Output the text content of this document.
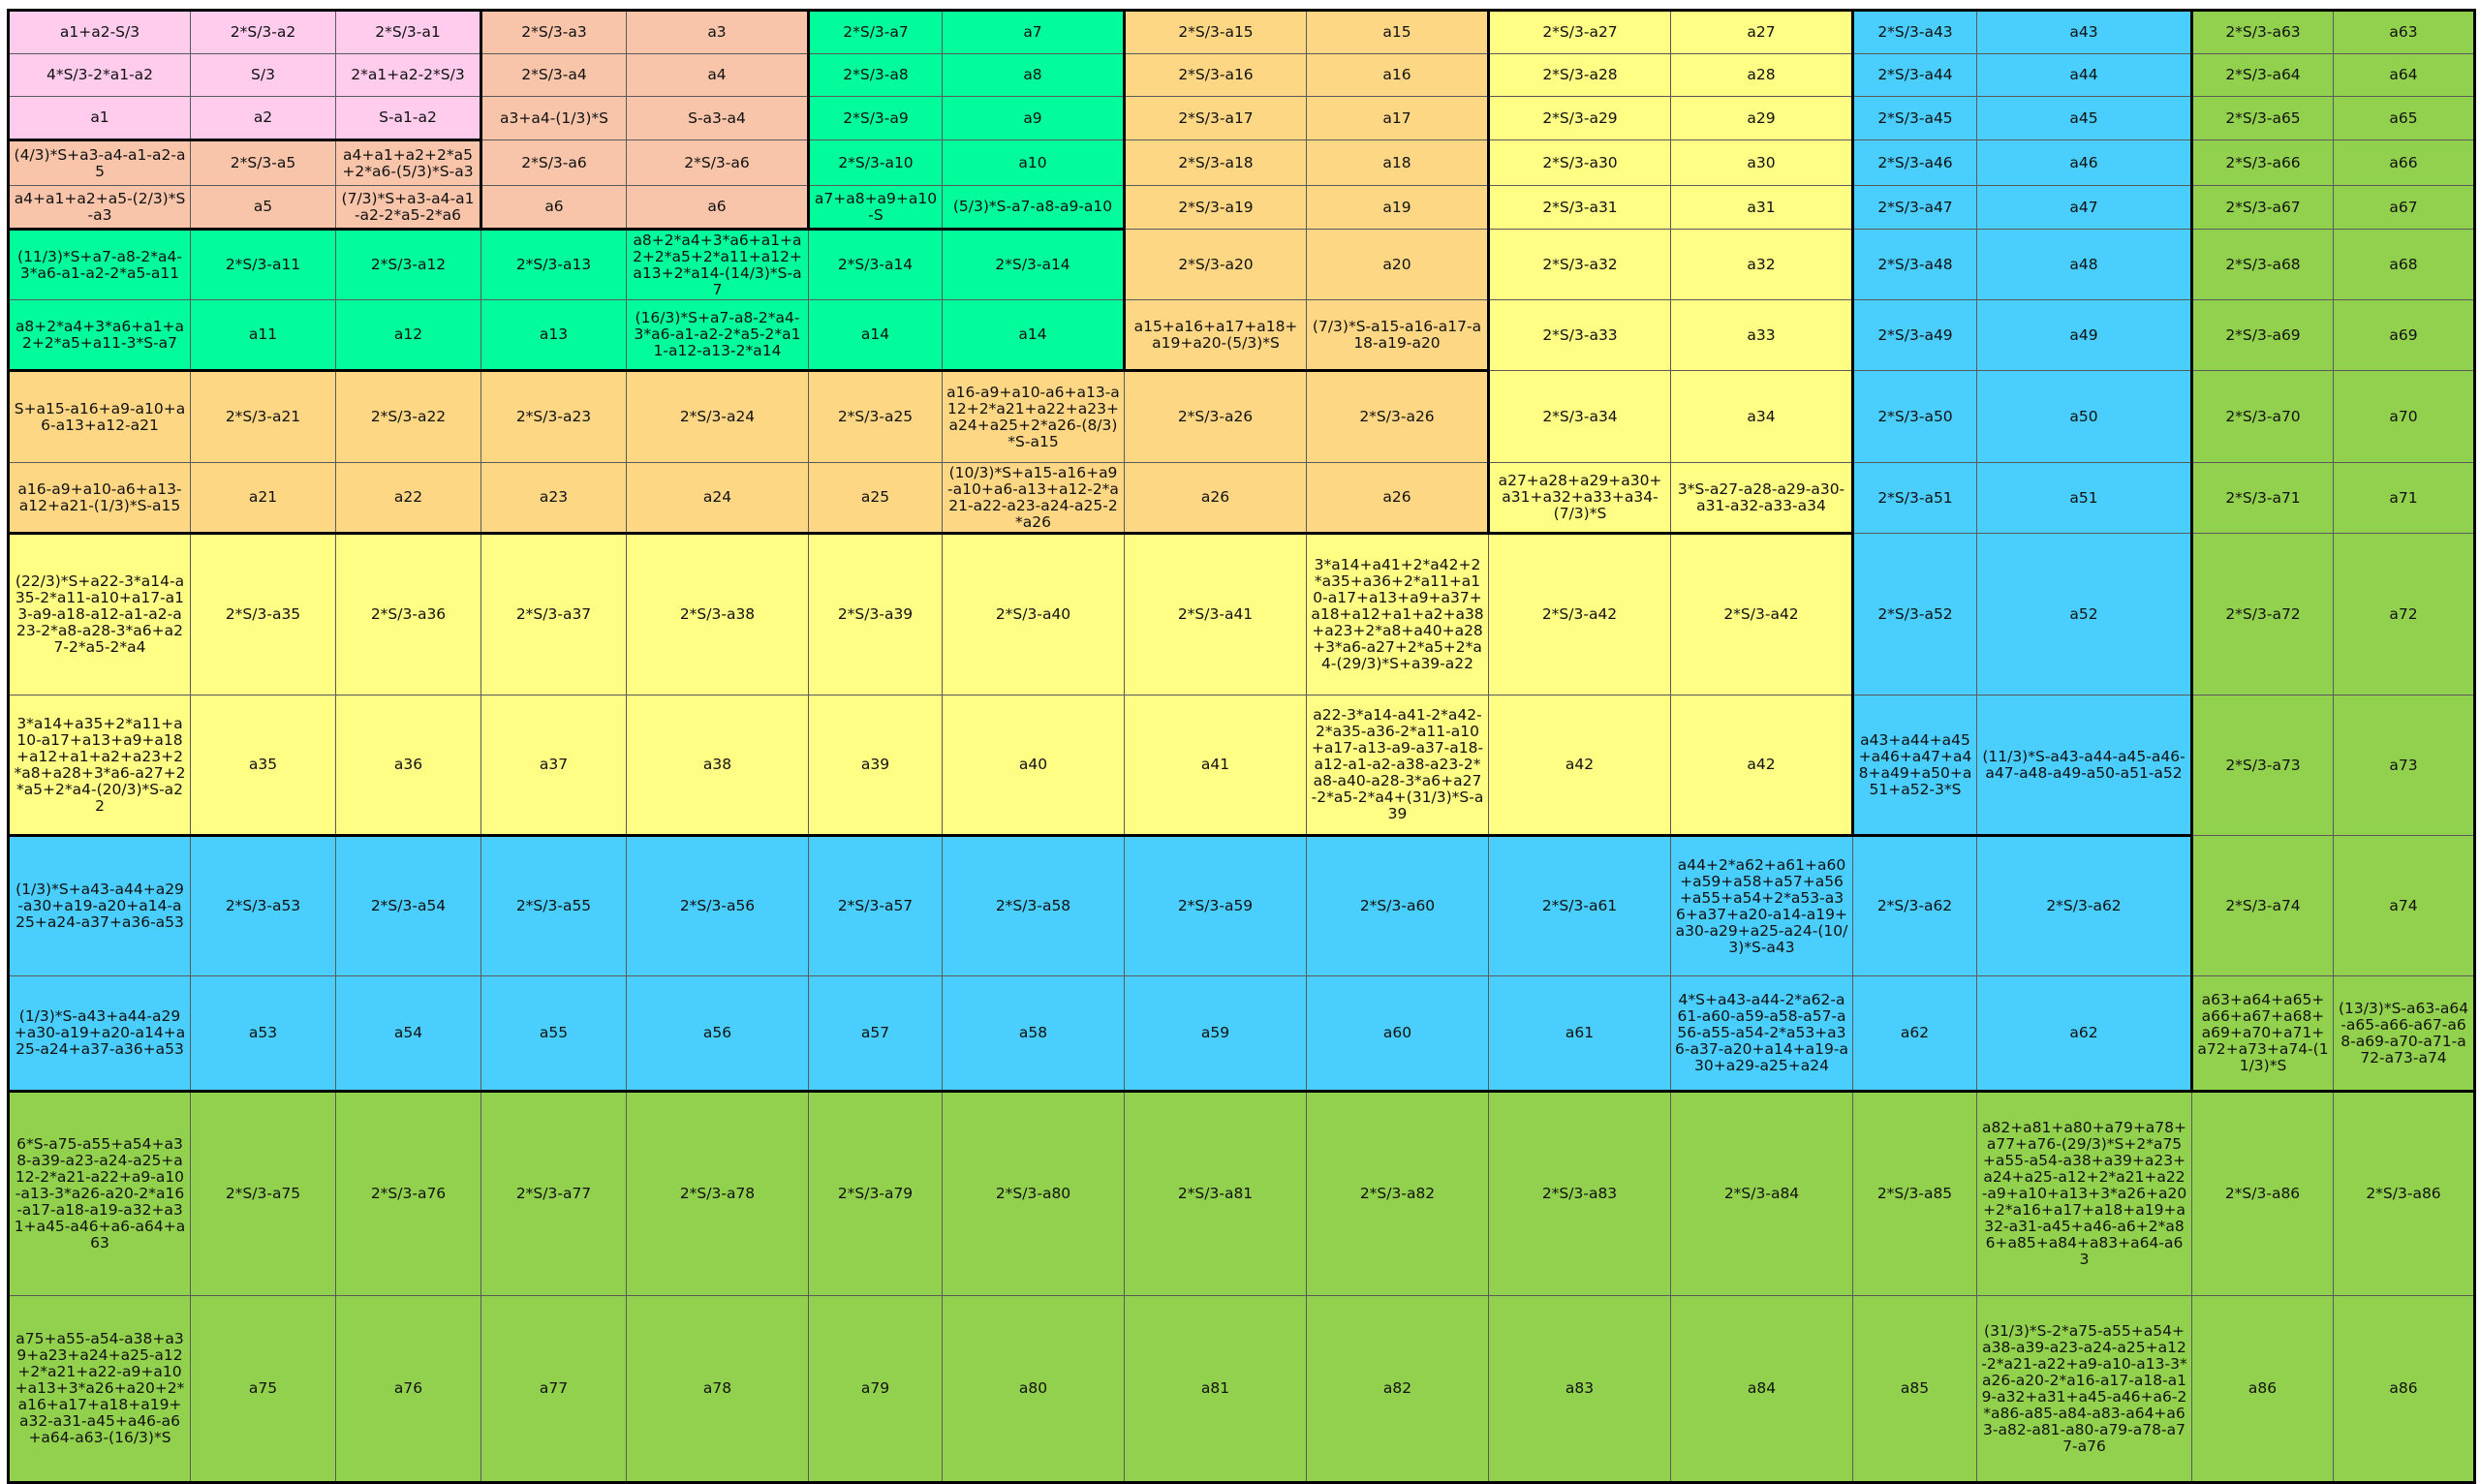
a1+a2-S/3	2*S/3-a2	2*S/3-a1	2*S/3-a3	a3	2*S/3-a7	a7	2*S/3-a15	a15	2*S/3-a27	a27	2*S/3-a43	a43	2*S/3-a63	a63
4*S/3-2*a1-a2	S/3	2*a1+a2-2*S/3	2*S/3-a4	a4	2*S/3-a8	a8	2*S/3-a16	a16	2*S/3-a28	a28	2*S/3-a44	a44	2*S/3-a64	a64
a1	a2	S-a1-a2	a3+a4-(1/3)*S	S-a3-a4	2*S/3-a9	a9	2*S/3-a17	a17	2*S/3-a29	a29	2*S/3-a45	a45	2*S/3-a65	a65
(4/3)*S+a3-a4-a1-a2-a5	2*S/3-a5	a4+a1+a2+2*a5+2*a6-(5/3)*S-a3	2*S/3-a6	2*S/3-a6	2*S/3-a10	a10	2*S/3-a18	a18	2*S/3-a30	a30	2*S/3-a46	a46	2*S/3-a66	a66
a4+a1+a2+a5-(2/3)*S-a3	a5	(7/3)*S+a3-a4-a1-a2-2*a5-2*a6	a6	a6	a7+a8+a9+a10-S	(5/3)*S-a7-a8-a9-a10	2*S/3-a19	a19	2*S/3-a31	a31	2*S/3-a47	a47	2*S/3-a67	a67
(11/3)*S+a7-a8-2*a4-3*a6-a1-a2-2*a5-a11	2*S/3-a11	2*S/3-a12	2*S/3-a13	a8+2*a4+3*a6+a1+a2+2*a5+2*a11+a12+a13+2*a14-(14/3)*S-a7	2*S/3-a14	2*S/3-a14	2*S/3-a20	a20	2*S/3-a32	a32	2*S/3-a48	a48	2*S/3-a68	a68
a8+2*a4+3*a6+a1+a2+2*a5+a11-3*S-a7	a11	a12	a13	(16/3)*S+a7-a8-2*a4-3*a6-a1-a2-2*a5-2*a11-a12-a13-2*a14	a14	a14	a15+a16+a17+a18+a19+a20-(5/3)*S	(7/3)*S-a15-a16-a17-a18-a19-a20	2*S/3-a33	a33	2*S/3-a49	a49	2*S/3-a69	a69
S+a15-a16+a9-a10+a6-a13+a12-a21	2*S/3-a21	2*S/3-a22	2*S/3-a23	2*S/3-a24	2*S/3-a25	a16-a9+a10-a6+a13-a12+2*a21+a22+a23+a24+a25+2*a26-(8/3)*S-a15	2*S/3-a26	2*S/3-a26	2*S/3-a34	a34	2*S/3-a50	a50	2*S/3-a70	a70
a16-a9+a10-a6+a13-a12+a21-(1/3)*S-a15	a21	a22	a23	a24	a25	(10/3)*S+a15-a16+a9-a10+a6-a13+a12-2*a21-a22-a23-a24-a25-2*a26	a26	a26	a27+a28+a29+a30+a31+a32+a33+a34-(7/3)*S	3*S-a27-a28-a29-a30-a31-a32-a33-a34	2*S/3-a51	a51	2*S/3-a71	a71
(22/3)*S+a22-3*a14-a35-2*a11-a10+a17-a13-a9-a18-a12-a1-a2-a23-2*a8-a28-3*a6+a27-2*a5-2*a4	2*S/3-a35	2*S/3-a36	2*S/3-a37	2*S/3-a38	2*S/3-a39	2*S/3-a40	2*S/3-a41	3*a14+a41+2*a42+2*a35+a36+2*a11+a10-a17+a13+a9+a37+a18+a12+a1+a2+a38+a23+2*a8+a40+a28+3*a6-a27+2*a5+2*a4-(29/3)*S+a39-a22	2*S/3-a42	2*S/3-a42	2*S/3-a52	a52	2*S/3-a72	a72
3*a14+a35+2*a11+a10-a17+a13+a9+a18+a12+a1+a2+a23+2*a8+a28+3*a6-a27+2*a5+2*a4-(20/3)*S-a22	a35	a36	a37	a38	a39	a40	a41	a22-3*a14-a41-2*a42-2*a35-a36-2*a11-a10+a17-a13-a9-a37-a18-a12-a1-a2-a38-a23-2*a8-a40-a28-3*a6+a27-2*a5-2*a4+(31/3)*S-a39	a42	a42	a43+a44+a45+a46+a47+a48+a49+a50+a51+a52-3*S	(11/3)*S-a43-a44-a45-a46-a47-a48-a49-a50-a51-a52	2*S/3-a73	a73
(1/3)*S+a43-a44+a29-a30+a19-a20+a14-a25+a24-a37+a36-a53	2*S/3-a53	2*S/3-a54	2*S/3-a55	2*S/3-a56	2*S/3-a57	2*S/3-a58	2*S/3-a59	2*S/3-a60	2*S/3-a61	a44+2*a62+a61+a60+a59+a58+a57+a56+a55+a54+2*a53-a36+a37+a20-a14-a19+a30-a29+a25-a24-(10/3)*S-a43	2*S/3-a62	2*S/3-a62	2*S/3-a74	a74
(1/3)*S-a43+a44-a29+a30-a19+a20-a14+a25-a24+a37-a36+a53	a53	a54	a55	a56	a57	a58	a59	a60	a61	4*S+a43-a44-2*a62-a61-a60-a59-a58-a57-a56-a55-a54-2*a53+a36-a37-a20+a14+a19-a30+a29-a25+a24	a62	a62	a63+a64+a65+a66+a67+a68+a69+a70+a71+a72+a73+a74-(11/3)*S	(13/3)*S-a63-a64-a65-a66-a67-a68-a69-a70-a71-a72-a73-a74
6*S-a75-a55+a54+a38-a39-a23-a24-a25+a12-2*a21-a22+a9-a10-a13-3*a26-a20-2*a16-a17-a18-a19-a32+a31+a45-a46+a6-a64+a63	2*S/3-a75	2*S/3-a76	2*S/3-a77	2*S/3-a78	2*S/3-a79	2*S/3-a80	2*S/3-a81	2*S/3-a82	2*S/3-a83	2*S/3-a84	2*S/3-a85	a82+a81+a80+a79+a78+a77+a76-(29/3)*S+2*a75+a55-a54-a38+a39+a23+a24+a25-a12+2*a21+a22-a9+a10+a13+3*a26+a20+2*a16+a17+a18+a19+a32-a31-a45+a46-a6+2*a86+a85+a84+a83+a64-a63	2*S/3-a86	2*S/3-a86
a75+a55-a54-a38+a39+a23+a24+a25-a12+2*a21+a22-a9+a10+a13+3*a26+a20+2*a16+a17+a18+a19+a32-a31-a45+a46-a6+a64-a63-(16/3)*S	a75	a76	a77	a78	a79	a80	a81	a82	a83	a84	a85	(31/3)*S-2*a75-a55+a54+a38-a39-a23-a24-a25+a12-2*a21-a22+a9-a10-a13-3*a26-a20-2*a16-a17-a18-a19-a32+a31+a45-a46+a6-2*a86-a85-a84-a83-a64+a63-a82-a81-a80-a79-a78-a77-a76	a86	a86
